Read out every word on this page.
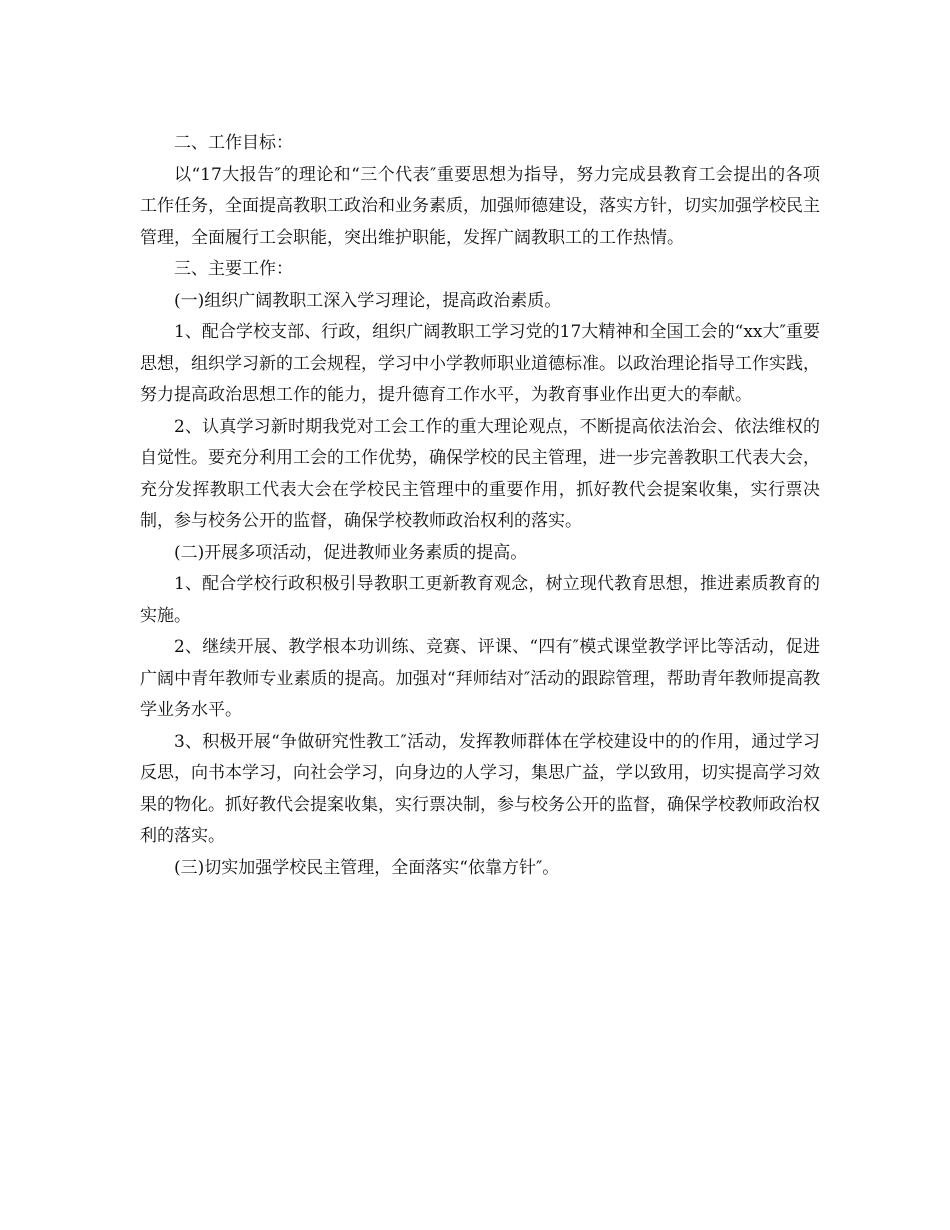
二、工作目标：

以“17大报告″的理论和“三个代表″重要思想为指导，努力完成县教育工会提出的各项工作任务，全面提高教职工政治和业务素质，加强师德建设，落实方针，切实加强学校民主管理，全面履行工会职能，突出维护职能，发挥广阔教职工的工作热情。

三、主要工作：

(一)组织广阔教职工深入学习理论，提高政治素质。

1、配合学校支部、行政，组织广阔教职工学习党的17大精神和全国工会的“xx大″重要思想，组织学习新的工会规程，学习中小学教师职业道德标准。以政治理论指导工作实践，努力提高政治思想工作的能力，提升德育工作水平，为教育事业作出更大的奉献。

2、认真学习新时期我党对工会工作的重大理论观点，不断提高依法治会、依法维权的自觉性。要充分利用工会的工作优势，确保学校的民主管理，进一步完善教职工代表大会，充分发挥教职工代表大会在学校民主管理中的重要作用，抓好教代会提案收集，实行票决制，参与校务公开的监督，确保学校教师政治权利的落实。

(二)开展多项活动，促进教师业务素质的提高。

1、配合学校行政积极引导教职工更新教育观念，树立现代教育思想，推进素质教育的实施。

2、继续开展、教学根本功训练、竞赛、评课、“四有″模式课堂教学评比等活动，促进广阔中青年教师专业素质的提高。加强对“拜师结对″活动的跟踪管理，帮助青年教师提高教学业务水平。

3、积极开展“争做研究性教工″活动，发挥教师群体在学校建设中的的作用，通过学习反思，向书本学习，向社会学习，向身边的人学习，集思广益，学以致用，切实提高学习效果的物化。抓好教代会提案收集，实行票决制，参与校务公开的监督，确保学校教师政治权利的落实。

(三)切实加强学校民主管理，全面落实“依靠方针″。
